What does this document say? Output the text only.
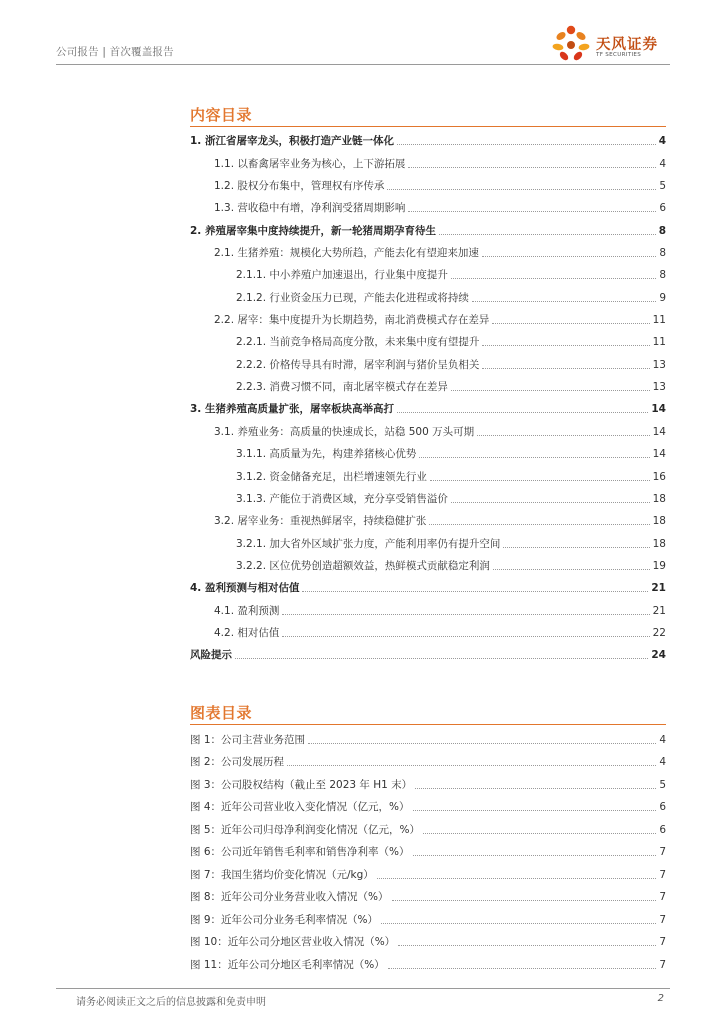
公司报告 | 首次覆盖报告	天风证券
TF SECURITIES
内容目录
1. 浙江省屠宰龙头，积极打造产业链一体化	4
1.1. 以畜禽屠宰业务为核心，上下游拓展	4
1.2. 股权分布集中，管理权有序传承	5
1.3. 营收稳中有增，净利润受猪周期影响	6
2. 养殖屠宰集中度持续提升，新一轮猪周期孕育待生	8
2.1. 生猪养殖：规模化大势所趋，产能去化有望迎来加速	8
2.1.1. 中小养殖户加速退出，行业集中度提升	8
2.1.2. 行业资金压力已现，产能去化进程或将持续	9
2.2. 屠宰：集中度提升为长期趋势，南北消费模式存在差异	11
2.2.1. 当前竞争格局高度分散，未来集中度有望提升	11
2.2.2. 价格传导具有时滞，屠宰利润与猪价呈负相关	13
2.2.3. 消费习惯不同，南北屠宰模式存在差异	13
3. 生猪养殖高质量扩张，屠宰板块高举高打	14
3.1. 养殖业务：高质量的快速成长，站稳 500 万头可期	14
3.1.1. 高质量为先，构建养猪核心优势	14
3.1.2. 资金储备充足，出栏增速领先行业	16
3.1.3. 产能位于消费区域，充分享受销售溢价	18
3.2. 屠宰业务：重视热鲜屠宰，持续稳健扩张	18
3.2.1. 加大省外区域扩张力度，产能利用率仍有提升空间	18
3.2.2. 区位优势创造超额效益，热鲜模式贡献稳定利润	19
4. 盈利预测与相对估值	21
4.1. 盈利预测	21
4.2. 相对估值	22
风险提示	24
图表目录
图 1：公司主营业务范围	4
图 2：公司发展历程	4
图 3：公司股权结构（截止至 2023 年 H1 末）	5
图 4：近年公司营业收入变化情况（亿元，%）	6
图 5：近年公司归母净利润变化情况（亿元，%）	6
图 6：公司近年销售毛利率和销售净利率（%）	7
图 7：我国生猪均价变化情况（元/kg）	7
图 8：近年公司分业务营业收入情况（%）	7
图 9：近年公司分业务毛利率情况（%）	7
图 10：近年公司分地区营业收入情况（%）	7
图 11：近年公司分地区毛利率情况（%）	7
请务必阅读正文之后的信息披露和免责申明	2
